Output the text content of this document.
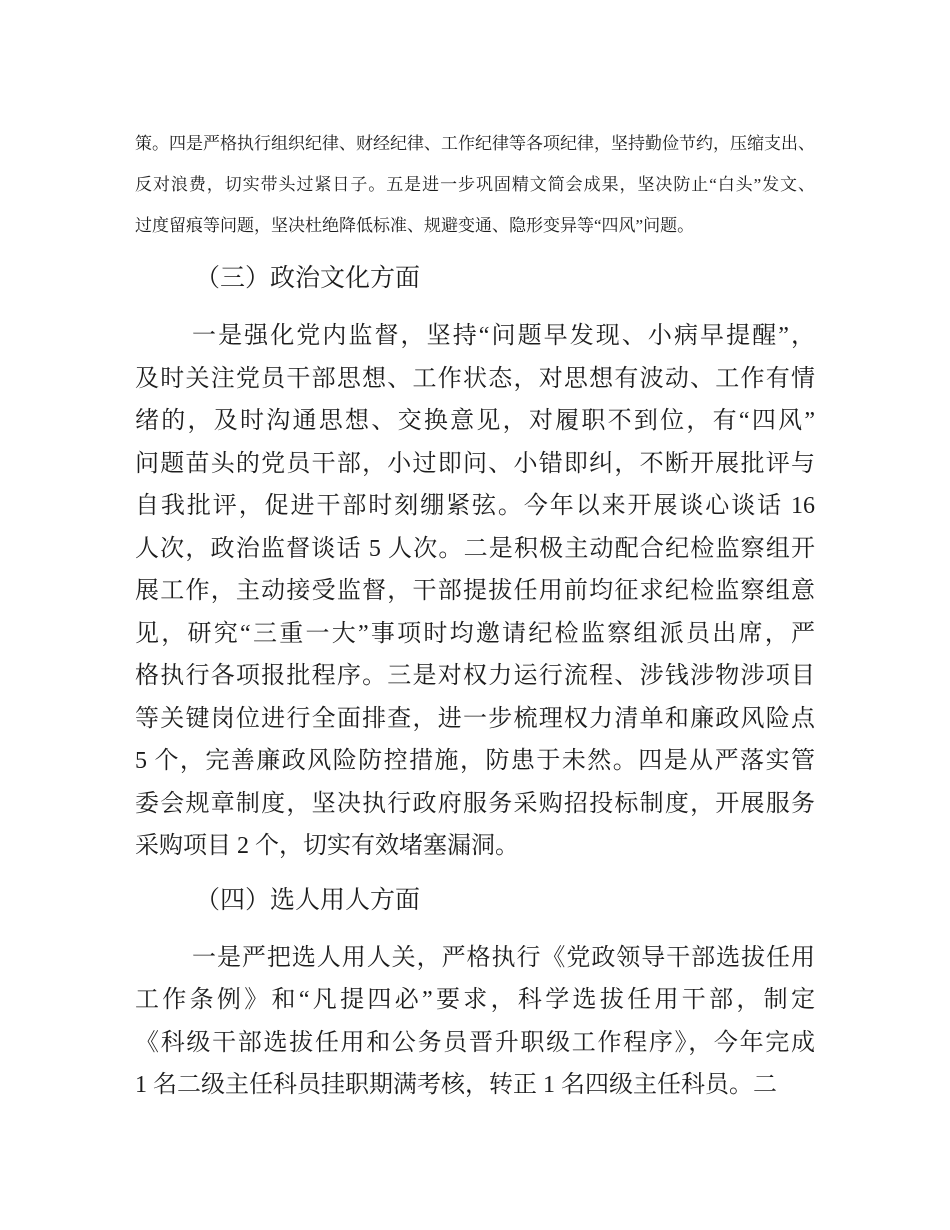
策。四是严格执行组织纪律、财经纪律、工作纪律等各项纪律，坚持勤俭节约，压缩支出、
反对浪费，切实带头过紧日子。五是进一步巩固精文简会成果，坚决防止“白头”发文、
过度留痕等问题，坚决杜绝降低标准、规避变通、隐形变异等“四风”问题。
（三）政治文化方面
一是强化党内监督，坚持“问题早发现、小病早提醒”，
及时关注党员干部思想、工作状态，对思想有波动、工作有情
绪的，及时沟通思想、交换意见，对履职不到位，有“四风”
问题苗头的党员干部，小过即问、小错即纠，不断开展批评与
自我批评，促进干部时刻绷紧弦。今年以来开展谈心谈话 16
人次，政治监督谈话 5 人次。二是积极主动配合纪检监察组开
展工作，主动接受监督，干部提拔任用前均征求纪检监察组意
见，研究“三重一大”事项时均邀请纪检监察组派员出席，严
格执行各项报批程序。三是对权力运行流程、涉钱涉物涉项目
等关键岗位进行全面排查，进一步梳理权力清单和廉政风险点
5 个，完善廉政风险防控措施，防患于未然。四是从严落实管
委会规章制度，坚决执行政府服务采购招投标制度，开展服务
采购项目 2 个，切实有效堵塞漏洞。
（四）选人用人方面
一是严把选人用人关，严格执行《党政领导干部选拔任用
工作条例》和“凡提四必”要求，科学选拔任用干部，制定
《科级干部选拔任用和公务员晋升职级工作程序》，今年完成
1 名二级主任科员挂职期满考核，转正 1 名四级主任科员。二
